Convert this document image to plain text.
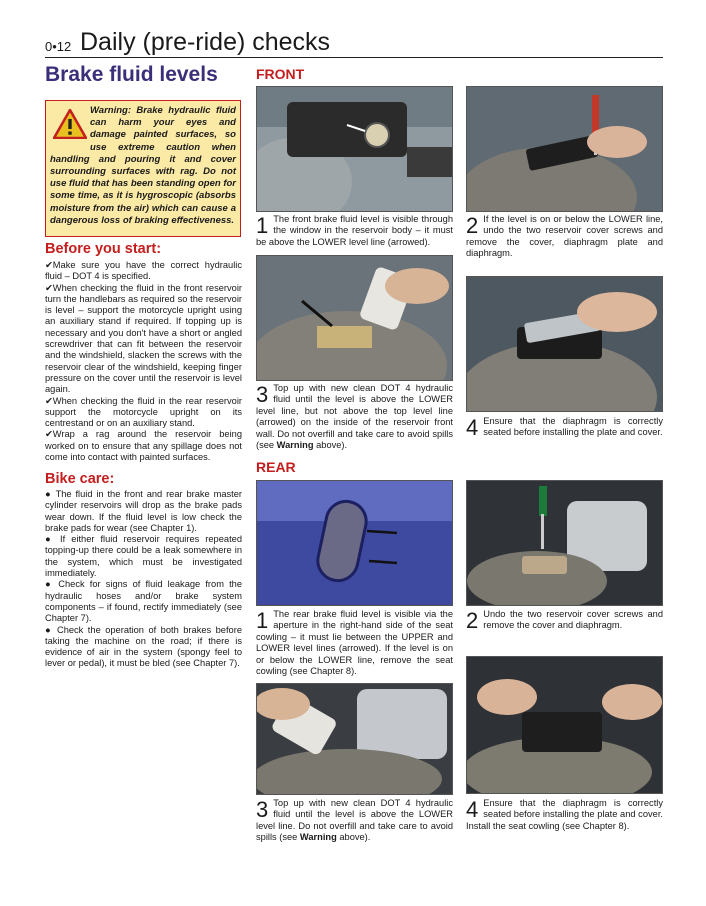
0•12 Daily (pre-ride) checks
Brake fluid levels
Warning: Brake hydraulic fluid can harm your eyes and damage painted surfaces, so use extreme caution when handling and pouring it and cover surrounding surfaces with rag. Do not use fluid that has been standing open for some time, as it is hygroscopic (absorbs moisture from the air) which can cause a dangerous loss of braking effectiveness.
Before you start:

✔Make sure you have the correct hydraulic fluid – DOT 4 is specified.

✔When checking the fluid in the front reservoir turn the handlebars as required so the reservoir is level – support the motorcycle upright using an auxiliary stand if required. If topping up is necessary and you don't have a short or angled screwdriver that can fit between the reservoir and the windshield, slacken the screws with the reservoir clear of the windshield, keeping finger pressure on the cover until the reservoir is level again.

✔When checking the fluid in the rear reservoir support the motorcycle upright on its centrestand or on an auxiliary stand.

✔Wrap a rag around the reservoir being worked on to ensure that any spillage does not come into contact with painted surfaces.

Bike care:

● The fluid in the front and rear brake master cylinder reservoirs will drop as the brake pads wear down. If the fluid level is low check the brake pads for wear (see Chapter 1).

● If either fluid reservoir requires repeated topping-up there could be a leak somewhere in the system, which must be investigated immediately.

● Check for signs of fluid leakage from the hydraulic hoses and/or brake system components – if found, rectify immediately (see Chapter 7).

● Check the operation of both brakes before taking the machine on the road; if there is evidence of air in the system (spongy feel to lever or pedal), it must be bled (see Chapter 7).

FRONT
1 The front brake fluid level is visible through the window in the reservoir body – it must be above the LOWER level line (arrowed).
2 If the level is on or below the LOWER line, undo the two reservoir cover screws and remove the cover, diaphragm plate and diaphragm.
3 Top up with new clean DOT 4 hydraulic fluid until the level is above the LOWER level line, but not above the top level line (arrowed) on the inside of the reservoir front wall. Do not overfill and take care to avoid spills (see Warning above).
4 Ensure that the diaphragm is correctly seated before installing the plate and cover.
REAR
1 The rear brake fluid level is visible via the aperture in the right-hand side of the seat cowling – it must lie between the UPPER and LOWER level lines (arrowed). If the level is on or below the LOWER line, remove the seat cowling (see Chapter 8).
2 Undo the two reservoir cover screws and remove the cover and diaphragm.
3 Top up with new clean DOT 4 hydraulic fluid until the level is above the LOWER level line. Do not overfill and take care to avoid spills (see Warning above).
4 Ensure that the diaphragm is correctly seated before installing the plate and cover. Install the seat cowling (see Chapter 8).
